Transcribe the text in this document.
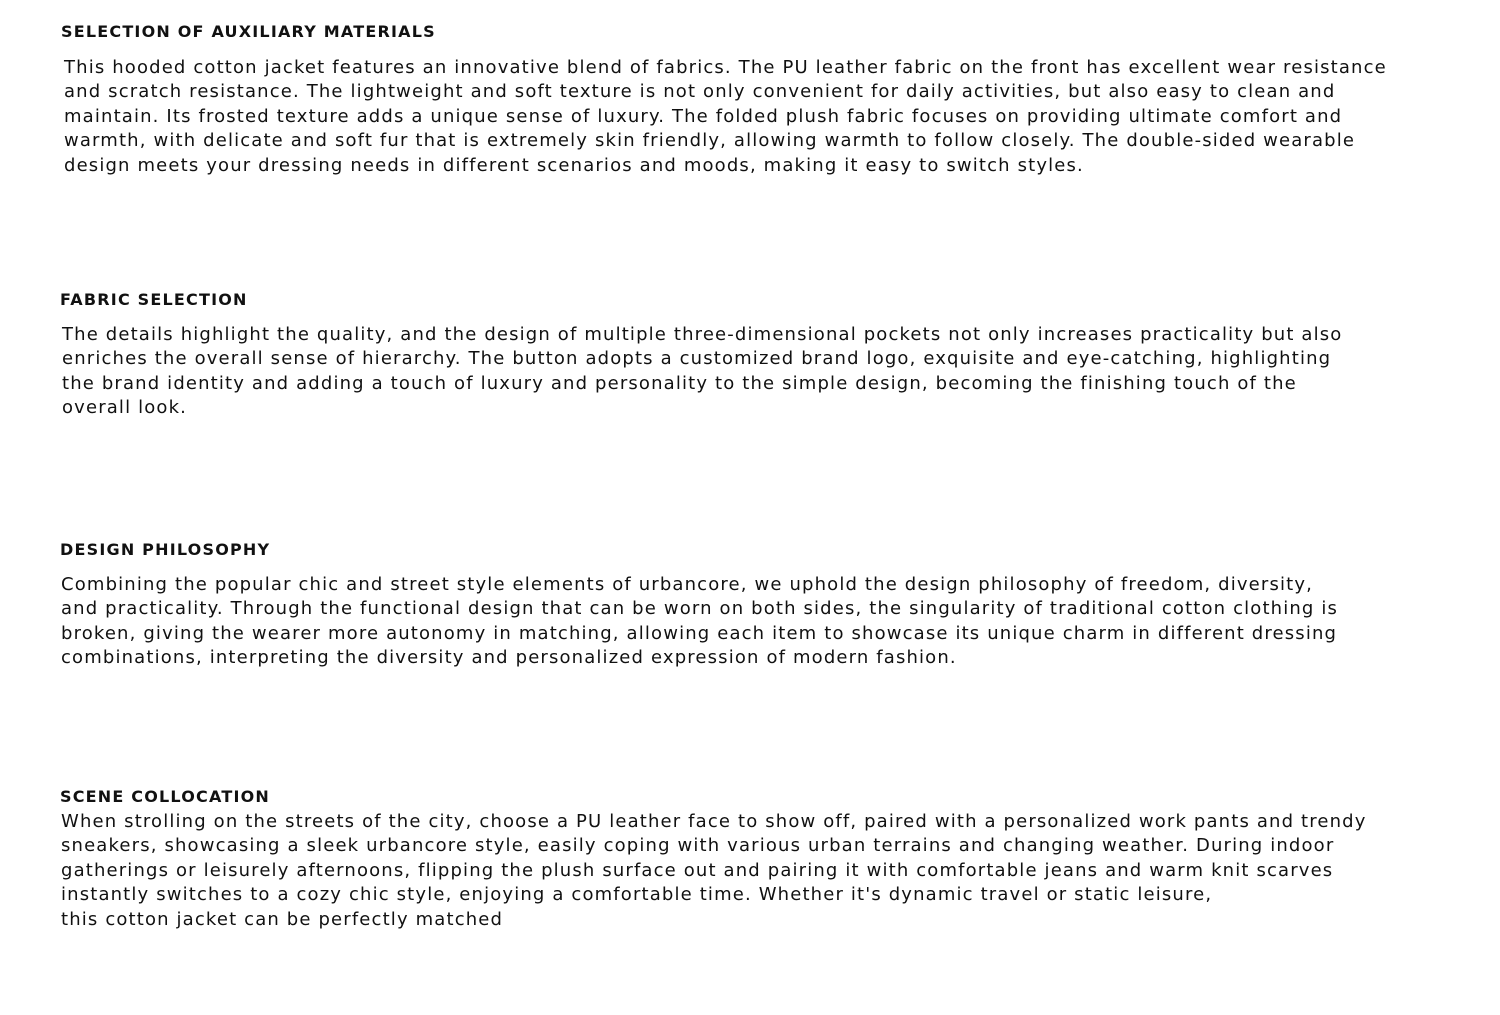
SELECTION OF AUXILIARY MATERIALS

This hooded cotton jacket features an innovative blend of fabrics. The PU leather fabric on the front has excellent wear resistance
and scratch resistance. The lightweight and soft texture is not only convenient for daily activities, but also easy to clean and
maintain. Its frosted texture adds a unique sense of luxury. The folded plush fabric focuses on providing ultimate comfort and
warmth, with delicate and soft fur that is extremely skin friendly, allowing warmth to follow closely. The double-sided wearable
design meets your dressing needs in different scenarios and moods, making it easy to switch styles.

FABRIC SELECTION

The details highlight the quality, and the design of multiple three-dimensional pockets not only increases practicality but also
enriches the overall sense of hierarchy. The button adopts a customized brand logo, exquisite and eye-catching, highlighting
the brand identity and adding a touch of luxury and personality to the simple design, becoming the finishing touch of the
overall look.

DESIGN PHILOSOPHY

Combining the popular chic and street style elements of urbancore, we uphold the design philosophy of freedom, diversity,
and practicality. Through the functional design that can be worn on both sides, the singularity of traditional cotton clothing is
broken, giving the wearer more autonomy in matching, allowing each item to showcase its unique charm in different dressing
combinations, interpreting the diversity and personalized expression of modern fashion.

SCENE COLLOCATION

When strolling on the streets of the city, choose a PU leather face to show off, paired with a personalized work pants and trendy
sneakers, showcasing a sleek urbancore style, easily coping with various urban terrains and changing weather. During indoor
gatherings or leisurely afternoons, flipping the plush surface out and pairing it with comfortable jeans and warm knit scarves
instantly switches to a cozy chic style, enjoying a comfortable time. Whether it's dynamic travel or static leisure,
this cotton jacket can be perfectly matched
